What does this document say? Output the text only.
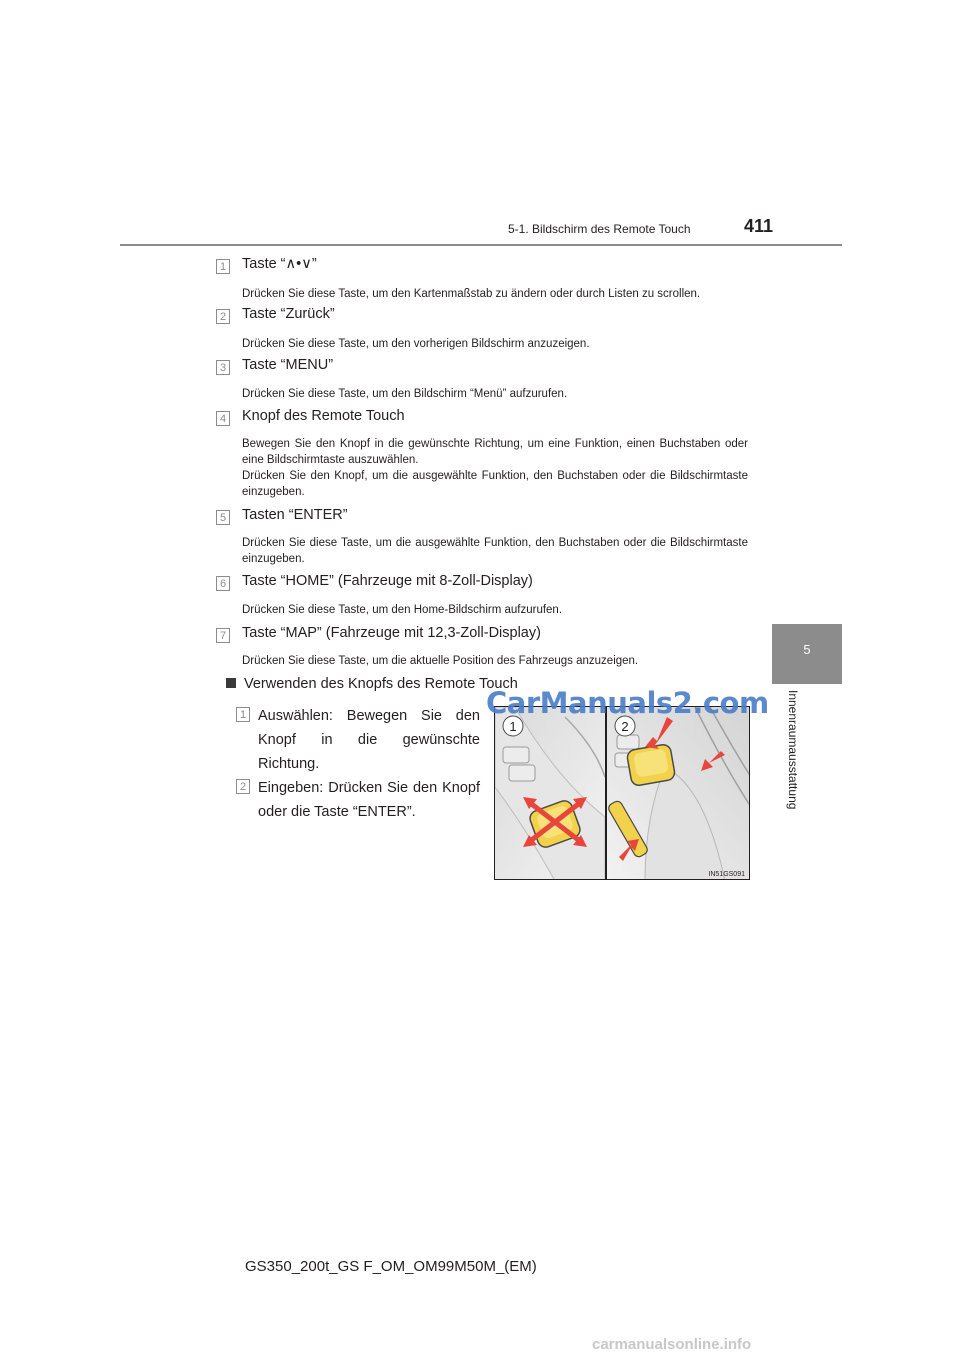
5-1. Bildschirm des Remote Touch	411
5
Innenraumausstattung
1 Taste “∧•∨”
Drücken Sie diese Taste, um den Kartenmaßstab zu ändern oder durch Listen zu scrollen.
2 Taste “Zurück”
Drücken Sie diese Taste, um den vorherigen Bildschirm anzuzeigen.
3 Taste “MENU”
Drücken Sie diese Taste, um den Bildschirm “Menü” aufzurufen.
4 Knopf des Remote Touch
Bewegen Sie den Knopf in die gewünschte Richtung, um eine Funktion, einen Buchstaben oder eine Bildschirmtaste auszuwählen.
Drücken Sie den Knopf, um die ausgewählte Funktion, den Buchstaben oder die Bildschirmtaste einzugeben.
5 Tasten “ENTER”
Drücken Sie diese Taste, um die ausgewählte Funktion, den Buchstaben oder die Bildschirmtaste einzugeben.
6 Taste “HOME” (Fahrzeuge mit 8-Zoll-Display)
Drücken Sie diese Taste, um den Home-Bildschirm aufzurufen.
7 Taste “MAP” (Fahrzeuge mit 12,3-Zoll-Display)
Drücken Sie diese Taste, um die aktuelle Position des Fahrzeugs anzuzeigen.
Verwenden des Knopfs des Remote Touch
1 Auswählen: Bewegen Sie den Knopf in die gewünschte Richtung.
2 Eingeben: Drücken Sie den Knopf oder die Taste “ENTER”.
1	2
IN51GS091
CarManuals2.com
GS350_200t_GS F_OM_OM99M50M_(EM)
carmanualsonline.info
